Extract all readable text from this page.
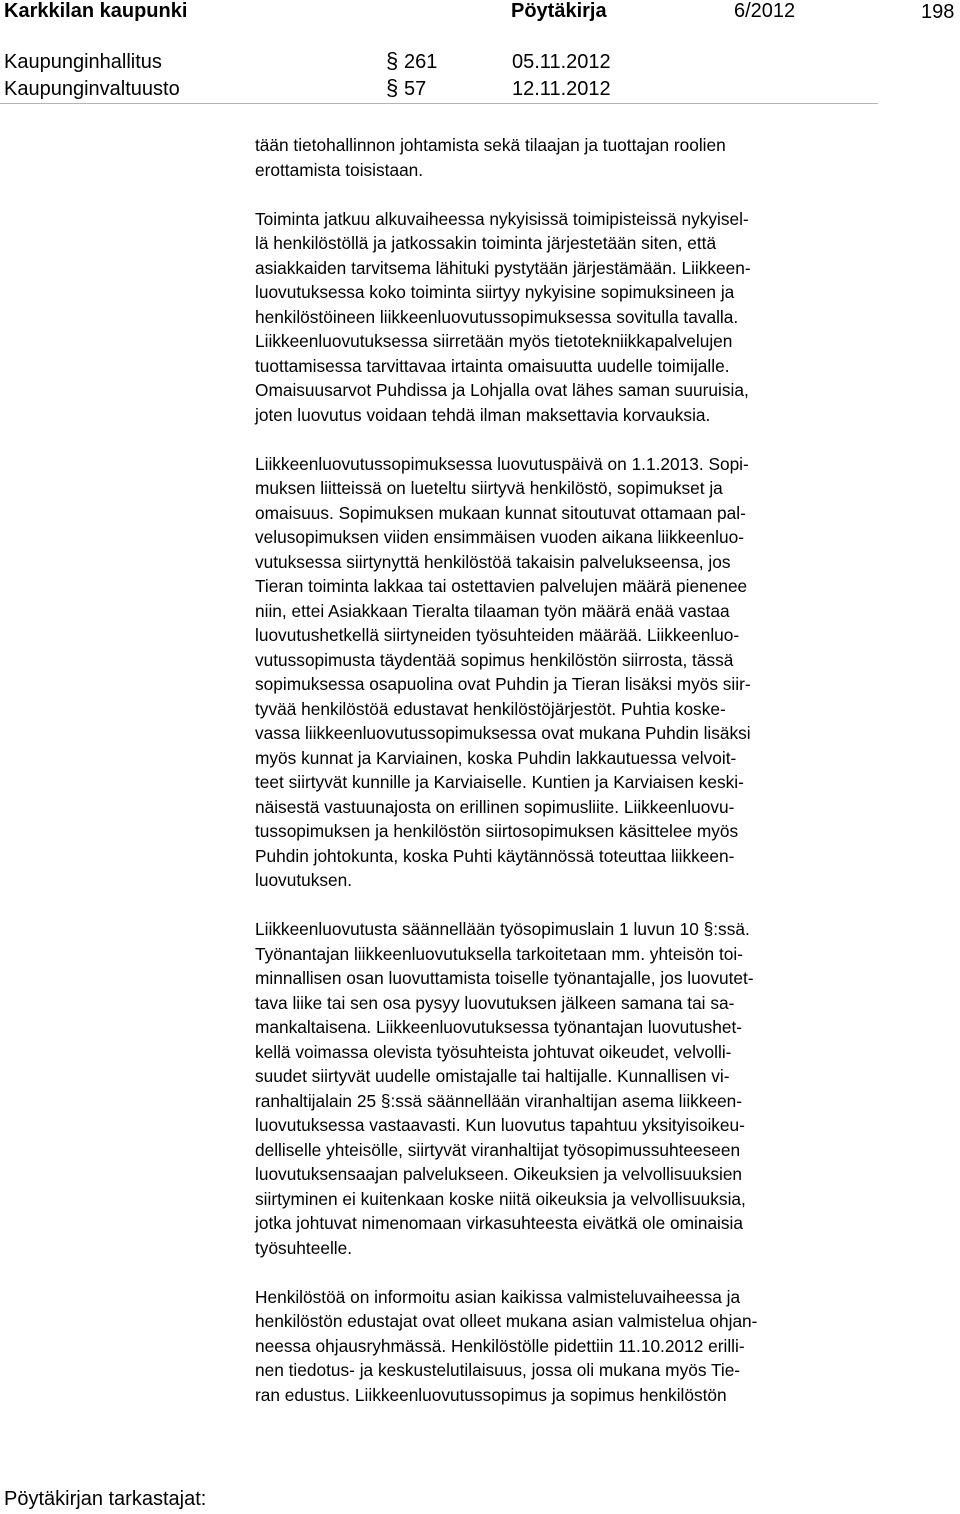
Karkkilan kaupunki	Pöytäkirja	6/2012	198
Kaupunginhallitus	§ 261	05.11.2012
Kaupunginvaltuusto	§ 57	12.11.2012
tään tietohallinnon johtamista sekä tilaajan ja tuottajan roolien
erottamista toisistaan.
Toiminta jatkuu alkuvaiheessa nykyisissä toimipisteissä nykyisel-
lä henkilöstöllä ja jatkossakin toiminta järjestetään siten, että
asiakkaiden tarvitsema lähituki pystytään järjestämään. Liikkeen-
luovutuksessa koko toiminta siirtyy nykyisine sopimuksineen ja
henkilöstöineen liikkeenluovutussopimuksessa sovitulla tavalla.
Liikkeenluovutuksessa siirretään myös tietotekniikkapalvelujen
tuottamisessa tarvittavaa irtainta omaisuutta uudelle toimijalle.
Omaisuusarvot Puhdissa ja Lohjalla ovat lähes saman suuruisia,
joten luovutus voidaan tehdä ilman maksettavia korvauksia.
Liikkeenluovutussopimuksessa luovutuspäivä on 1.1.2013. Sopi-
muksen liitteissä on lueteltu siirtyvä henkilöstö, sopimukset ja
omaisuus. Sopimuksen mukaan kunnat sitoutuvat ottamaan pal-
velusopimuksen viiden ensimmäisen vuoden aikana liikkeenluo-
vutuksessa siirtynyttä henkilöstöä takaisin palvelukseensa, jos
Tieran toiminta lakkaa tai ostettavien palvelujen määrä pienenee
niin, ettei Asiakkaan Tieralta tilaaman työn määrä enää vastaa
luovutushetkellä siirtyneiden työsuhteiden määrää. Liikkeenluo-
vutussopimusta täydentää sopimus henkilöstön siirrosta, tässä
sopimuksessa osapuolina ovat Puhdin ja Tieran lisäksi myös siir-
tyvää henkilöstöä edustavat henkilöstöjärjestöt. Puhtia koske-
vassa liikkeenluovutussopimuksessa ovat mukana Puhdin lisäksi
myös kunnat ja Karviainen, koska Puhdin lakkautuessa velvoit-
teet siirtyvät kunnille ja Karviaiselle. Kuntien ja Karviaisen keski-
näisestä vastuunajosta on erillinen sopimusliite. Liikkeenluovu-
tussopimuksen ja henkilöstön siirtosopimuksen käsittelee myös
Puhdin johtokunta, koska Puhti käytännössä toteuttaa liikkeen-
luovutuksen.
Liikkeenluovutusta säännellään työsopimuslain 1 luvun 10 §:ssä.
Työnantajan liikkeenluovutuksella tarkoitetaan mm. yhteisön toi-
minnallisen osan luovuttamista toiselle työnantajalle, jos luovutet-
tava liike tai sen osa pysyy luovutuksen jälkeen samana tai sa-
mankaltaisena. Liikkeenluovutuksessa työnantajan luovutushet-
kellä voimassa olevista työsuhteista johtuvat oikeudet, velvolli-
suudet siirtyvät uudelle omistajalle tai haltijalle. Kunnallisen vi-
ranhaltijalain 25 §:ssä säännellään viranhaltijan asema liikkeen-
luovutuksessa vastaavasti. Kun luovutus tapahtuu yksityisoikeu-
delliselle yhteisölle, siirtyvät viranhaltijat työsopimussuhteeseen
luovutuksensaajan palvelukseen. Oikeuksien ja velvollisuuksien
siirtyminen ei kuitenkaan koske niitä oikeuksia ja velvollisuuksia,
jotka johtuvat nimenomaan virkasuhteesta eivätkä ole ominaisia
työsuhteelle.
Henkilöstöä on informoitu asian kaikissa valmisteluvaiheessa ja
henkilöstön edustajat ovat olleet mukana asian valmistelua ohjan-
neessa ohjausryhmässä. Henkilöstölle pidettiin 11.10.2012 erilli-
nen tiedotus- ja keskustelutilaisuus, jossa oli mukana myös Tie-
ran edustus. Liikkeenluovutussopimus ja sopimus henkilöstön
Pöytäkirjan tarkastajat:
